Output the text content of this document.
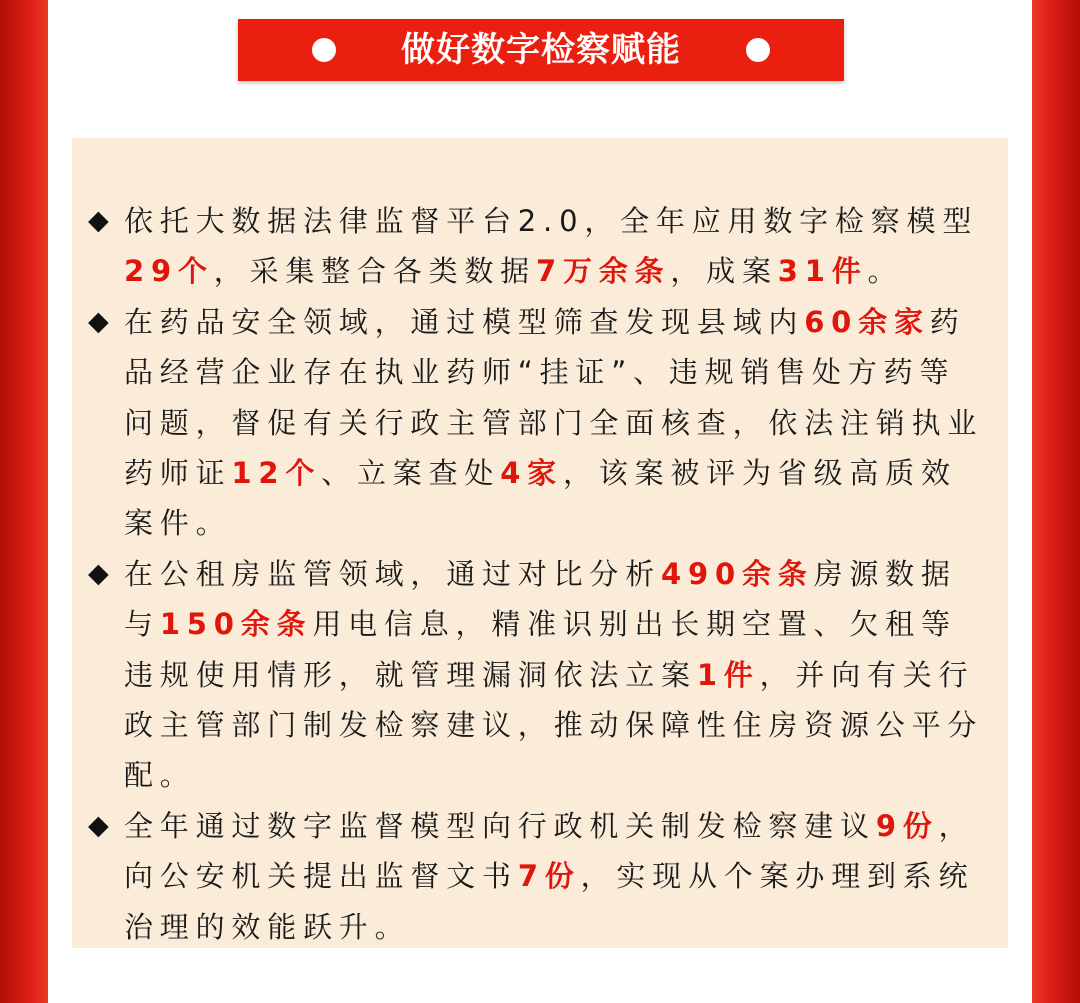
做好数字检察赋能
◆ 依托大数据法律监督平台2.0，全年应用数字检察模型29个，采集整合各类数据7万余条，成案31件。
◆ 在药品安全领域，通过模型筛查发现县域内60余家药品经营企业存在执业药师“挂证”、违规销售处方药等问题，督促有关行政主管部门全面核查，依法注销执业药师证12个、立案查处4家，该案被评为省级高质效案件。
◆ 在公租房监管领域，通过对比分析490余条房源数据与150余条用电信息，精准识别出长期空置、欠租等违规使用情形，就管理漏洞依法立案1件，并向有关行政主管部门制发检察建议，推动保障性住房资源公平分配。
◆ 全年通过数字监督模型向行政机关制发检察建议9份，向公安机关提出监督文书7份，实现从个案办理到系统治理的效能跃升。
